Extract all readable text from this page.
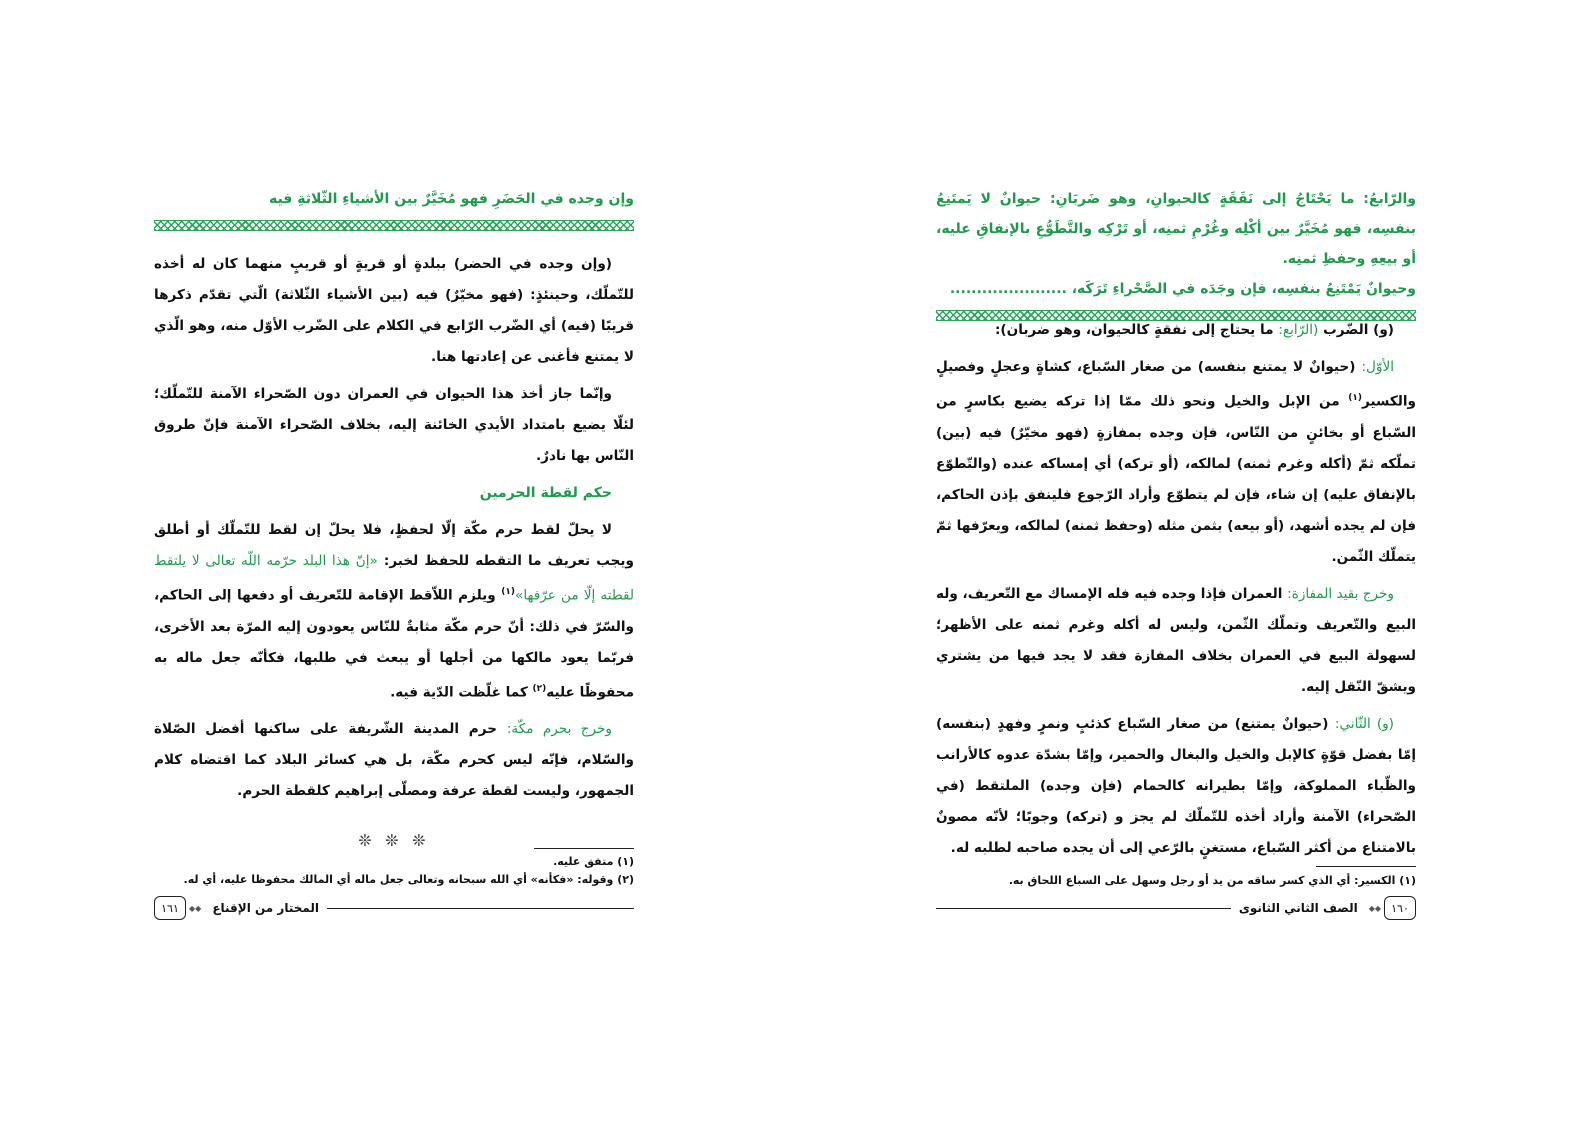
والرّابعُ: ما يَحْتَاجُ إلى نَفَقَةٍ كالحيوانِ، وهو ضَربَانِ: حيوانٌ لا يَمتَنِعُ بنفسِه، فهو مُخَيَّرٌ بين أكْلِه وغُرْمِ ثمنِه، أو تَرْكِه والتَّطَوُّعِ بالإنفاقِ عليه، أو بيعِهِ وحفظِ ثمنِه.
وحيوانٌ يَمْتَنِعُ بنفسِه، فإن وجَدَه في الصَّحْراءِ تَرَكَه، ......................

(و) الضّرب (الرّابع: ما يحتاج إلى نفقةٍ كالحيوان، وهو ضربان):

الأوّل: (حيوانٌ لا يمتنع بنفسه) من صغار السّباع، كشاةٍ وعجلٍ وفصيلٍ والكسير$^{(١)}$ من الإبل والخيل ونحو ذلك ممّا إذا تركه يضيع بكاسرٍ من السّباع أو بخائنٍ من النّاس، فإن وجده بمفازةٍ (فهو مخيّرٌ) فيه (بين) تملّكه ثمّ (أكله وغرم ثمنه) لمالكه، (أو تركه) أي إمساكه عنده (والتّطوّع بالإنفاق عليه) إن شاء، فإن لم يتطوّع وأراد الرّجوع فلينفق بإذن الحاكم، فإن لم يجده أشهد، (أو بيعه) بثمن مثله (وحفظ ثمنه) لمالكه، ويعرّفها ثمّ يتملّك الثّمن.

وخرج بقيد المفازة: العمران فإذا وجده فيه فله الإمساك مع التّعريف، وله البيع والتّعريف وتملّك الثّمن، وليس له أكله وغرم ثمنه على الأظهر؛ لسهولة البيع في العمران بخلاف المفازة فقد لا يجد فيها من يشتري ويشقّ النّقل إليه.

(و) الثّاني: (حيوانٌ يمتنع) من صغار السّباع كذئبٍ ونمرٍ وفهدٍ (بنفسه) إمّا بفضل قوّةٍ كالإبل والخيل والبغال والحمير، وإمّا بشدّة عدوه كالأرانب والظّباء المملوكة، وإمّا بطيرانه كالحمام (فإن وجده) الملتقط (في الصّحراء) الآمنة وأراد أخذه للتّملّك لم يجز و (تركه) وجوبًا؛ لأنّه مصونٌ بالامتناع من أكثر السّباع، مستغنٍ بالرّعي إلى أن يجده صاحبه لطلبه له.

(١) الكسير: أي الذي كسر ساقه من يد أو رجل وسهل على السباع اللحاق به.
١٦٠
◆◆
الصف الثاني الثانوى
وإن وجده في الحَضَرِ فهو مُخَيَّرٌ بين الأشياءِ الثّلاثةِ فيه

(وإن وجده في الحضر) ببلدةٍ أو قريةٍ أو قريبٍ منهما كان له أخذه للتّملّك، وحينئذٍ: (فهو مخيّرٌ) فيه (بين الأشياء الثّلاثة) الّتي تقدّم ذكرها قريبًا (فيه) أي الضّرب الرّابع في الكلام على الضّرب الأوّل منه، وهو الّذي لا يمتنع فأغنى عن إعادتها هنا.

وإنّما جاز أخذ هذا الحيوان في العمران دون الصّحراء الآمنة للتّملّك؛ لئلّا يضيع بامتداد الأيدي الخائنة إليه، بخلاف الصّحراء الآمنة فإنّ طروق النّاس بها نادرٌ.

حكم لقطة الحرمين

لا يحلّ لقط حرم مكّة إلّا لحفظٍ، فلا يحلّ إن لقط للتّملّك أو أطلق ويجب تعريف ما التقطه للحفظ لخبر: «إنّ هذا البلد حرّمه اللّه تعالى لا يلتقط لقطته إلّا من عرّفها»$^{(١)}$ ويلزم اللاّقط الإقامة للتّعريف أو دفعها إلى الحاكم، والسّرّ في ذلك: أنّ حرم مكّة مثابةٌ للنّاس يعودون إليه المرّة بعد الأخرى، فربّما يعود مالكها من أجلها أو يبعث في طلبها، فكأنّه جعل ماله به محفوظًا عليه$^{(٢)}$ كما غلّظت الدّية فيه.

وخرج بحرم مكّة: حرم المدينة الشّريفة على ساكنها أفضل الصّلاة والسّلام، فإنّه ليس كحرم مكّة، بل هي كسائر البلاد كما اقتضاه كلام الجمهور، وليست لقطة عرفة ومصلّى إبراهيم كلقطة الحرم.

❊ ❊ ❊
(١) متفق عليه.
(٢) وقوله: «فكأنه» أي الله سبحانه وتعالى جعل ماله أي المالك محفوظا عليه، أي له.
١٦١	◆◆ المختار من الإقناع
